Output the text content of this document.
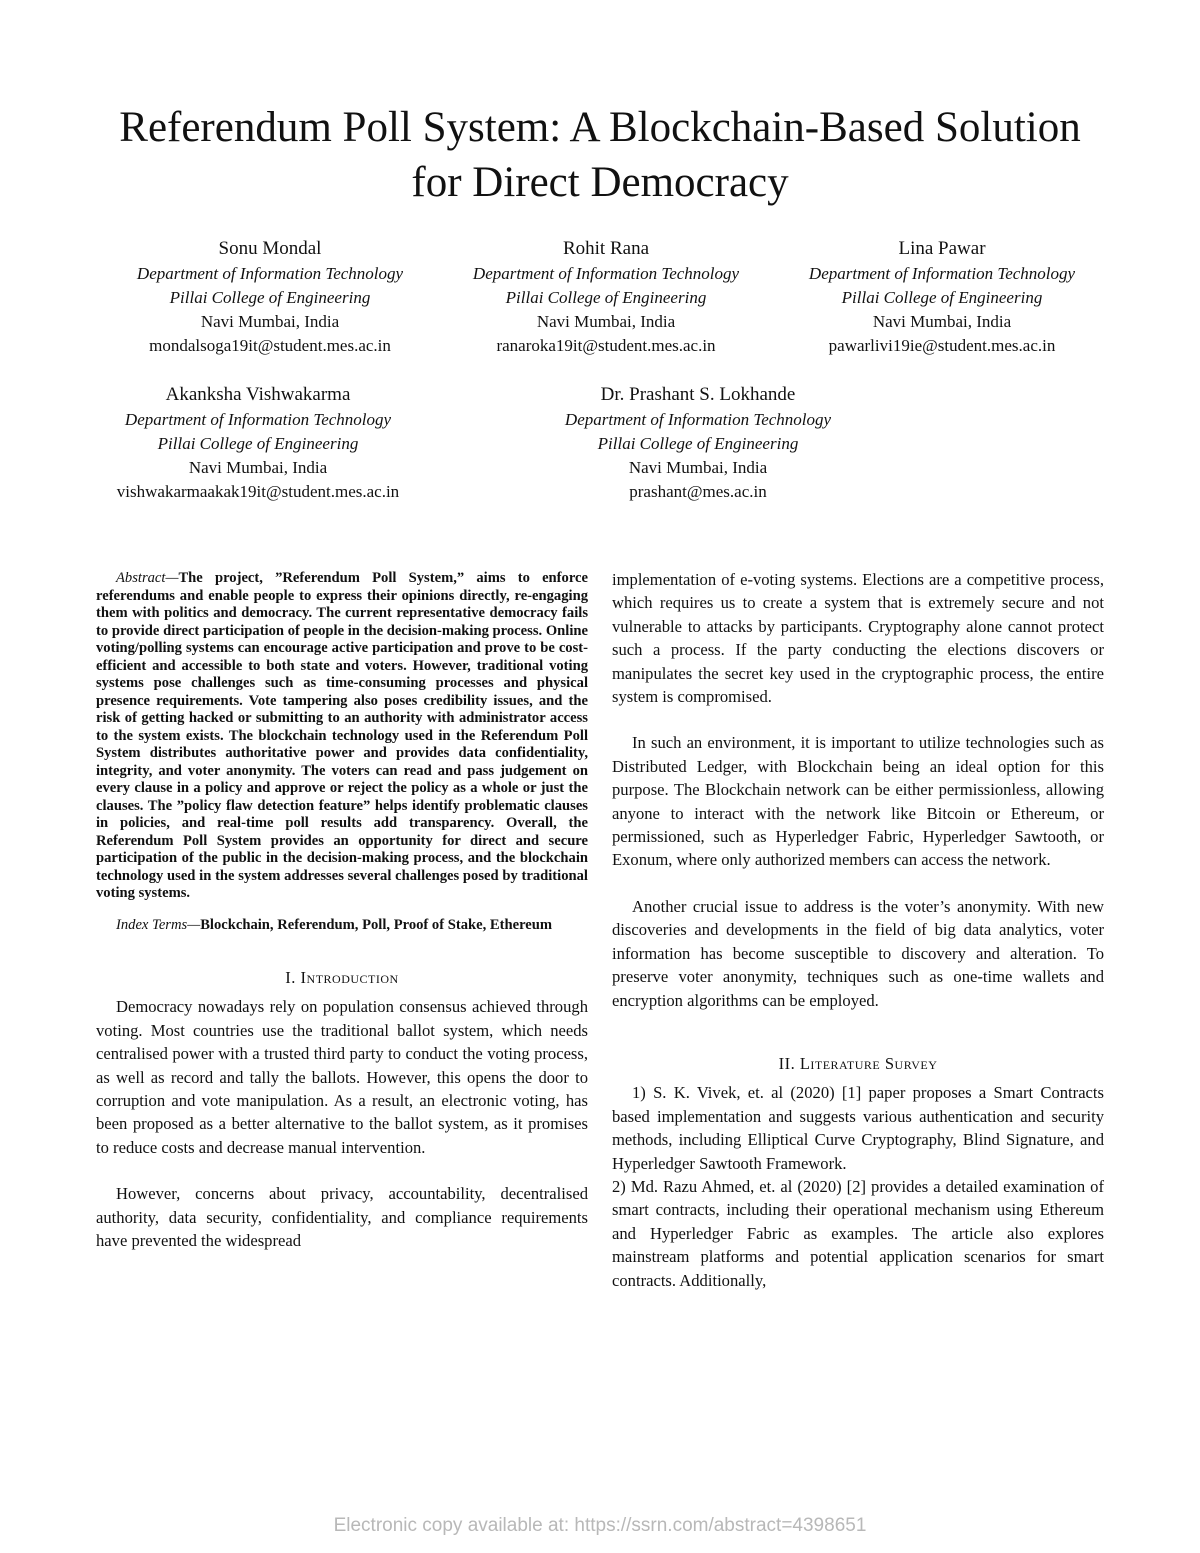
Referendum Poll System: A Blockchain-Based Solution for Direct Democracy
Sonu Mondal
Department of Information Technology
Pillai College of Engineering
Navi Mumbai, India
mondalsoga19it@student.mes.ac.in
Rohit Rana
Department of Information Technology
Pillai College of Engineering
Navi Mumbai, India
ranaroka19it@student.mes.ac.in
Lina Pawar
Department of Information Technology
Pillai College of Engineering
Navi Mumbai, India
pawarlivi19ie@student.mes.ac.in
Akanksha Vishwakarma
Department of Information Technology
Pillai College of Engineering
Navi Mumbai, India
vishwakarmaakak19it@student.mes.ac.in
Dr. Prashant S. Lokhande
Department of Information Technology
Pillai College of Engineering
Navi Mumbai, India
prashant@mes.ac.in

Abstract—The project, ”Referendum Poll System,” aims to enforce referendums and enable people to express their opinions directly, re-engaging them with politics and democracy. The current representative democracy fails to provide direct participation of people in the decision-making process. Online voting/polling systems can encourage active participation and prove to be cost-efficient and accessible to both state and voters. However, traditional voting systems pose challenges such as time-consuming processes and physical presence requirements. Vote tampering also poses credibility issues, and the risk of getting hacked or submitting to an authority with administrator access to the system exists. The blockchain technology used in the Referendum Poll System distributes authoritative power and provides data confidentiality, integrity, and voter anonymity. The voters can read and pass judgement on every clause in a policy and approve or reject the policy as a whole or just the clauses. The ”policy flaw detection feature” helps identify problematic clauses in policies, and real-time poll results add transparency. Overall, the Referendum Poll System provides an opportunity for direct and secure participation of the public in the decision-making process, and the blockchain technology used in the system addresses several challenges posed by traditional voting systems.

Index Terms—Blockchain, Referendum, Poll, Proof of Stake, Ethereum

I. Introduction

Democracy nowadays rely on population consensus achieved through voting. Most countries use the traditional ballot system, which needs centralised power with a trusted third party to conduct the voting process, as well as record and tally the ballots. However, this opens the door to corruption and vote manipulation. As a result, an electronic voting, has been proposed as a better alternative to the ballot system, as it promises to reduce costs and decrease manual intervention.

However, concerns about privacy, accountability, decentralised authority, data security, confidentiality, and compliance requirements have prevented the widespread

implementation of e-voting systems. Elections are a competitive process, which requires us to create a system that is extremely secure and not vulnerable to attacks by participants. Cryptography alone cannot protect such a process. If the party conducting the elections discovers or manipulates the secret key used in the cryptographic process, the entire system is compromised.

In such an environment, it is important to utilize technologies such as Distributed Ledger, with Blockchain being an ideal option for this purpose. The Blockchain network can be either permissionless, allowing anyone to interact with the network like Bitcoin or Ethereum, or permissioned, such as Hyperledger Fabric, Hyperledger Sawtooth, or Exonum, where only authorized members can access the network.

Another crucial issue to address is the voter’s anonymity. With new discoveries and developments in the field of big data analytics, voter information has become susceptible to discovery and alteration. To preserve voter anonymity, techniques such as one-time wallets and encryption algorithms can be employed.

II. Literature Survey

1) S. K. Vivek, et. al (2020) [1] paper proposes a Smart Contracts based implementation and suggests various authentication and security methods, including Elliptical Curve Cryptography, Blind Signature, and Hyperledger Sawtooth Framework.

2) Md. Razu Ahmed, et. al (2020) [2] provides a detailed examination of smart contracts, including their operational mechanism using Ethereum and Hyperledger Fabric as examples. The article also explores mainstream platforms and potential application scenarios for smart contracts. Additionally,

Electronic copy available at: https://ssrn.com/abstract=4398651
